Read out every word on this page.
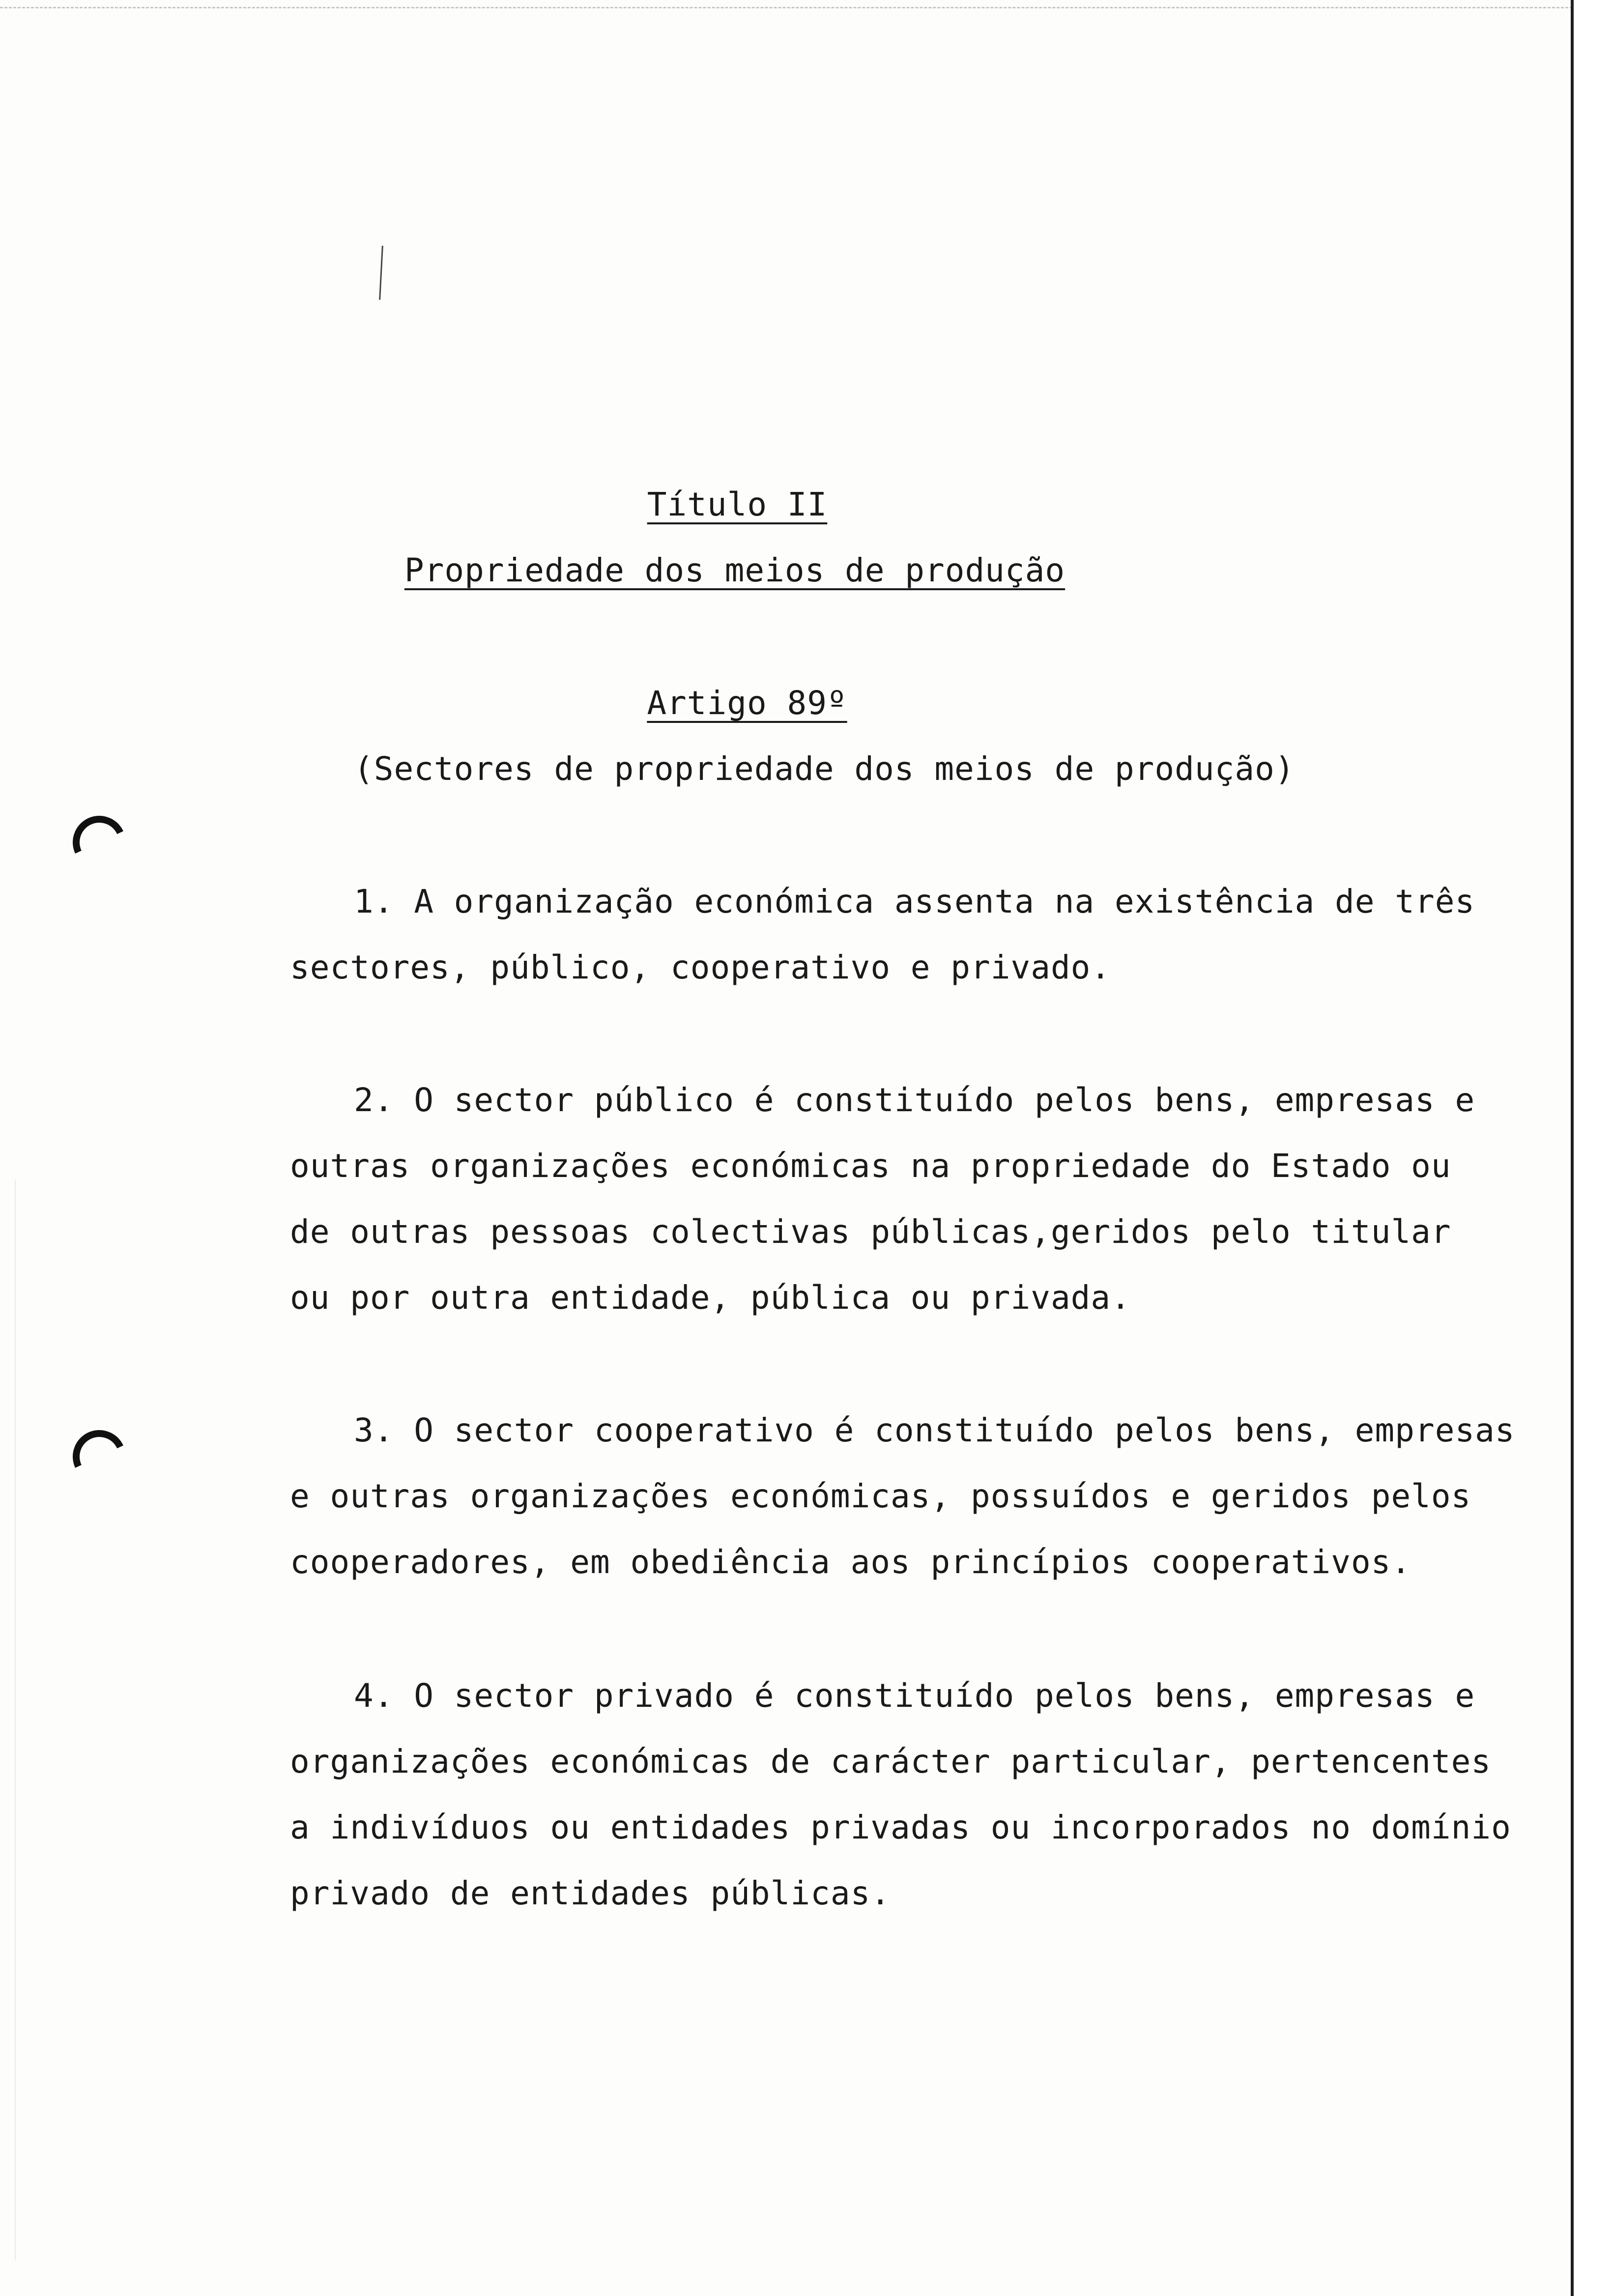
Título II
Propriedade dos meios de produção
Artigo 89º
(Sectores de propriedade dos meios de produção)
1. A organização económica assenta na existência de três
sectores, público, cooperativo e privado.
2. O sector público é constituído pelos bens, empresas e
outras organizações económicas na propriedade do Estado ou
de outras pessoas colectivas públicas,geridos pelo titular
ou por outra entidade, pública ou privada.
3. O sector cooperativo é constituído pelos bens, empresas
e outras organizações económicas, possuídos e geridos pelos
cooperadores, em obediência aos princípios cooperativos.
4. O sector privado é constituído pelos bens, empresas e
organizações económicas de carácter particular, pertencentes
a indivíduos ou entidades privadas ou incorporados no domínio
privado de entidades públicas.
